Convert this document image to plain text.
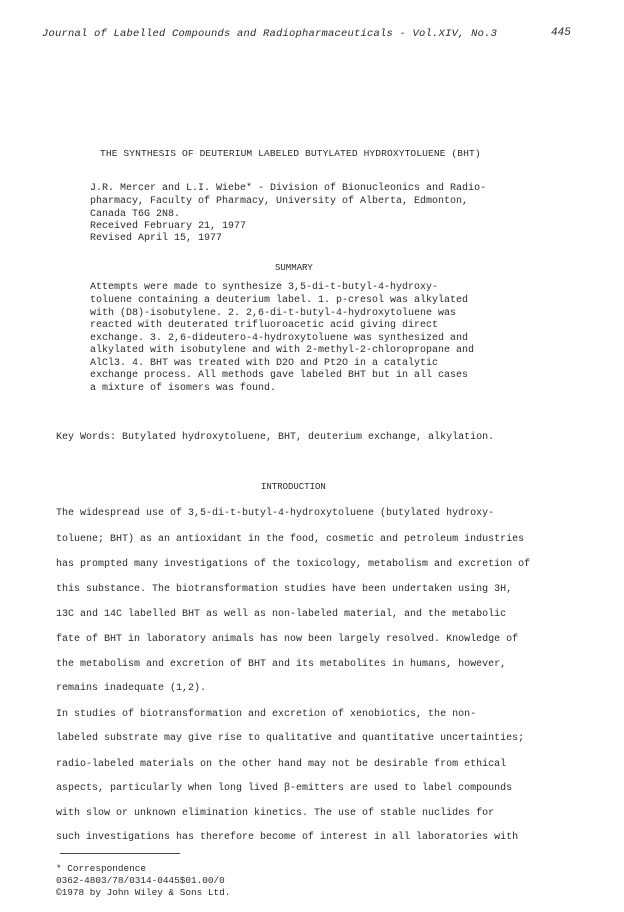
Journal of Labelled Compounds and Radiopharmaceuticals - Vol.XIV, No.3	445
THE SYNTHESIS OF DEUTERIUM LABELED BUTYLATED HYDROXYTOLUENE (BHT)
J.R. Mercer and L.I. Wiebe* - Division of Bionucleonics and Radio-
pharmacy, Faculty of Pharmacy, University of Alberta, Edmonton,
Canada T6G 2N8.
Received February 21, 1977
Revised April 15, 1977
SUMMARY
Attempts were made to synthesize 3,5-di-t-butyl-4-hydroxy-
toluene containing a deuterium label. 1. p-cresol was alkylated
with (D8)-isobutylene. 2. 2,6-di-t-butyl-4-hydroxytoluene was
reacted with deuterated trifluoroacetic acid giving direct
exchange. 3. 2,6-dideutero-4-hydroxytoluene was synthesized and
alkylated with isobutylene and with 2-methyl-2-chloropropane and
AlCl3. 4. BHT was treated with D2O and Pt2O in a catalytic
exchange process. All methods gave labeled BHT but in all cases
a mixture of isomers was found.
Key Words: Butylated hydroxytoluene, BHT, deuterium exchange, alkylation.
INTRODUCTION
The widespread use of 3,5-di-t-butyl-4-hydroxytoluene (butylated hydroxy-
toluene; BHT) as an antioxidant in the food, cosmetic and petroleum industries
has prompted many investigations of the toxicology, metabolism and excretion of
this substance. The biotransformation studies have been undertaken using 3H,
13C and 14C labelled BHT as well as non-labeled material, and the metabolic
fate of BHT in laboratory animals has now been largely resolved. Knowledge of
the metabolism and excretion of BHT and its metabolites in humans, however,
remains inadequate (1,2).
In studies of biotransformation and excretion of xenobiotics, the non-
labeled substrate may give rise to qualitative and quantitative uncertainties;
radio-labeled materials on the other hand may not be desirable from ethical
aspects, particularly when long lived β-emitters are used to label compounds
with slow or unknown elimination kinetics. The use of stable nuclides for
such investigations has therefore become of interest in all laboratories with
* Correspondence
0362-4803/78/0314-0445$01.00/0
©1978 by John Wiley & Sons Ltd.
